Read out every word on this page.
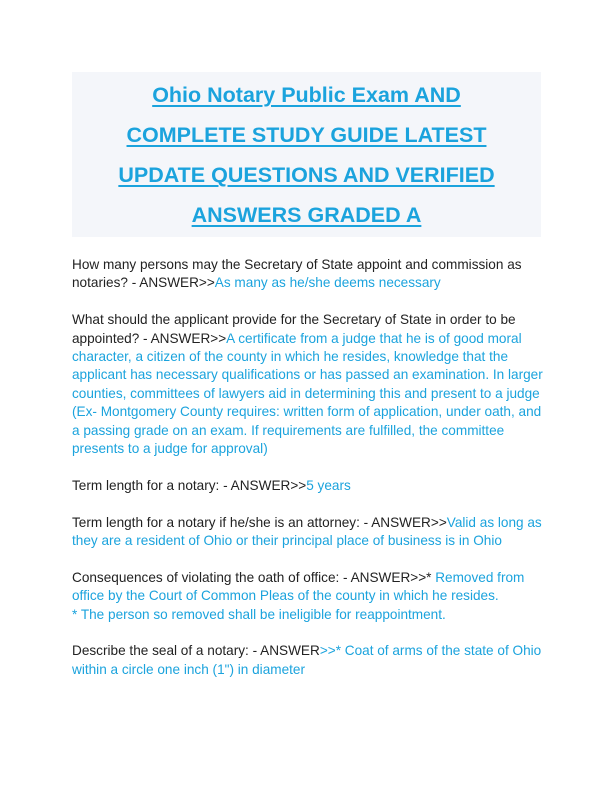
Ohio Notary Public Exam AND
COMPLETE STUDY GUIDE LATEST
UPDATE QUESTIONS AND VERIFIED
ANSWERS GRADED A

How many persons may the Secretary of State appoint and commission as notaries? - ANSWER>>As many as he/she deems necessary

What should the applicant provide for the Secretary of State in order to be appointed? - ANSWER>>A certificate from a judge that he is of good moral character, a citizen of the county in which he resides, knowledge that the applicant has necessary qualifications or has passed an examination. In larger counties, committees of lawyers aid in determining this and present to a judge (Ex- Montgomery County requires: written form of application, under oath, and a passing grade on an exam. If requirements are fulfilled, the committee presents to a judge for approval)

Term length for a notary: - ANSWER>>5 years

Term length for a notary if he/she is an attorney: - ANSWER>>Valid as long as they are a resident of Ohio or their principal place of business is in Ohio

Consequences of violating the oath of office: - ANSWER>>* Removed from office by the Court of Common Pleas of the county in which he resides.
* The person so removed shall be ineligible for reappointment.

Describe the seal of a notary: - ANSWER>>* Coat of arms of the state of Ohio within a circle one inch (1") in diameter
